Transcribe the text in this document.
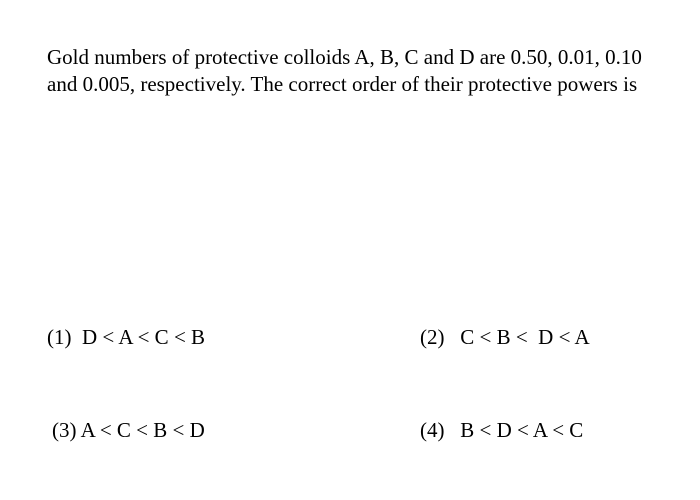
Gold numbers of protective colloids A, B, C and D are 0.50, 0.01, 0.10 and 0.005, respectively. The correct order of their protective powers is

(1)  D < A < C < B	(2)   C < B <  D < A
(3) A < C < B < D	(4)   B < D < A < C
